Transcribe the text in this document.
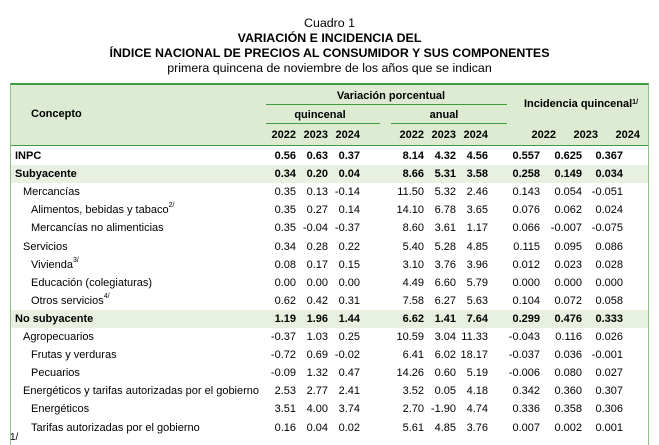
Cuadro 1
VARIACIÓN E INCIDENCIA DEL
ÍNDICE NACIONAL DE PRECIOS AL CONSUMIDOR Y SUS COMPONENTES
primera quincena de noviembre de los años que se indican
Concepto
Variación porcentual
quincenal	anual
Incidencia quincenal$^{1/}$
2022 2023 2024	2022 2023 2024	2022	2023	2024
INPC	0.56 0.63 0.37	8.14 4.32 4.56	0.557	0.625	0.367
Subyacente	0.34 0.20 0.04	8.66 5.31 3.58	0.258	0.149	0.034
Mercancías	0.35 0.13 -0.14	11.50 5.32 2.46	0.143	0.054 -0.051
Alimentos, bebidas y tabaco$^{2/}$	0.35 0.27 0.14	14.10 6.78 3.65	0.076	0.062	0.024
Mercancías no alimenticias	0.35 -0.04 -0.37	8.60 3.61 1.17	0.066 -0.007 -0.075
Servicios	0.34 0.28 0.22	5.40 5.28 4.85	0.115	0.095	0.086
Vivienda$^{3/}$	0.08 0.17 0.15	3.10 3.76 3.96	0.012	0.023	0.028
Educación (colegiaturas)	0.00 0.00 0.00	4.49 6.60 5.79	0.000	0.000	0.000
Otros servicios$^{4/}$	0.62 0.42 0.31	7.58 6.27 5.63	0.104	0.072	0.058
No subyacente	1.19 1.96 1.44	6.62 1.41 7.64	0.299	0.476	0.333
Agropecuarios	-0.37 1.03 0.25	10.59 3.04 11.33	-0.043	0.116	0.026
Frutas y verduras	-0.72 0.69 -0.02	6.41 6.02 18.17	-0.037	0.036 -0.001
Pecuarios	-0.09 1.32 0.47	14.26 0.60 5.19	-0.006	0.080	0.027
Energéticos y tarifas autorizadas por el gobierno	2.53 2.77 2.41	3.52 0.05 4.18	0.342	0.360	0.307
Energéticos	3.51 4.00 3.74	2.70 -1.90 4.74	0.336	0.358	0.306
Tarifas autorizadas por el gobierno	0.16 0.04 0.02	5.61 4.85 3.76	0.007	0.002	0.001
1/
